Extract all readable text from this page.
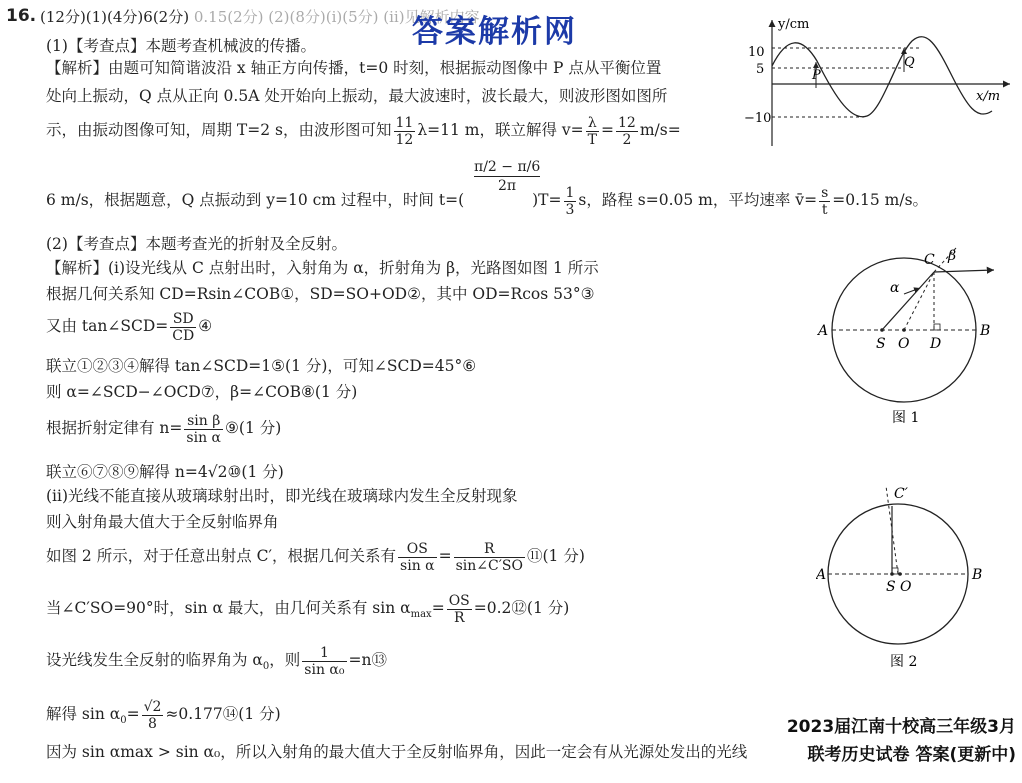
16. (12分)(1)(4分)6(2分) 0.15(2分) (2)(8分)(ⅰ)(5分) (ⅱ)见解析内容
答案解析网
(1)【考查点】本题考查机械波的传播。
【解析】由题可知简谐波沿 x 轴正方向传播，t=0 时刻，根据振动图像中 P 点从平衡位置
处向上振动，Q 点从正向 0.5A 处开始向上振动，最大波速时，波长最大，则波形图如图所
示，由振动图像可知，周期 T=2 s，由波形图可知 $\frac{11}{12} \lambda=11$ m，联立解得 $v= \frac{\lambda}{T} = \frac{12}{2} m/s=$
π/2 − π/6
2π
6 m/s，根据题意，Q 点振动到 y=10 cm 过程中，时间 t=(	)$T= \frac{1}{3}$ s，路程 s=0.05 m，平均速率 v̄= $\frac{s}{t} =0.15$ m/s。
y/cm
x/m
10
5
−10
P
Q
(2)【考查点】本题考查光的折射及全反射。
【解析】(ⅰ)设光线从 C 点射出时，入射角为 α，折射角为 β，光路图如图 1 所示
根据几何关系知 CD=Rsin∠COB①，SD=SO+OD②，其中 OD=Rcos 53°③
又由 tan∠SCD= $\frac{SD}{CD}$ ④
联立①②③④解得 tan∠SCD=1⑤(1 分)，可知∠SCD=45°⑥
则 α=∠SCD−∠OCD⑦，β=∠COB⑧(1 分)
根据折射定律有 $n= \frac{\text{sin β}}{\text{sin α}}$ ⑨(1 分)
联立⑥⑦⑧⑨解得 n=4√2⑩(1 分)
(ⅱ)光线不能直接从玻璃球射出时，即光线在玻璃球内发生全反射现象
则入射角最大值大于全反射临界角
如图 2 所示，对于任意出射点 C′，根据几何关系有 $\frac{OS}{\text{sin α}} = \frac{R}{\sin\angle C'SO}$ ⑪(1 分)
当∠C′SO=90°时，sin α 最大，由几何关系有 $\sin \alpha_{max}= \frac{OS}{R}$ =0.2⑫(1 分)
设光线发生全反射的临界角为 $\alpha_0$，则 $\frac{1}{\text{sin α₀}}$ =n⑬
解得 $\sin \alpha_0= \frac{√2}{8}$ ≈0.177⑭(1 分)
因为 sin αmax > sin α₀，所以入射角的最大值大于全反射临界角，因此一定会有从光源处发出的光线
A	B
C β
α
S O D
图 1
A	B
C′
S O
图 2
2023届江南十校高三年级3月
联考历史试卷 答案(更新中)
